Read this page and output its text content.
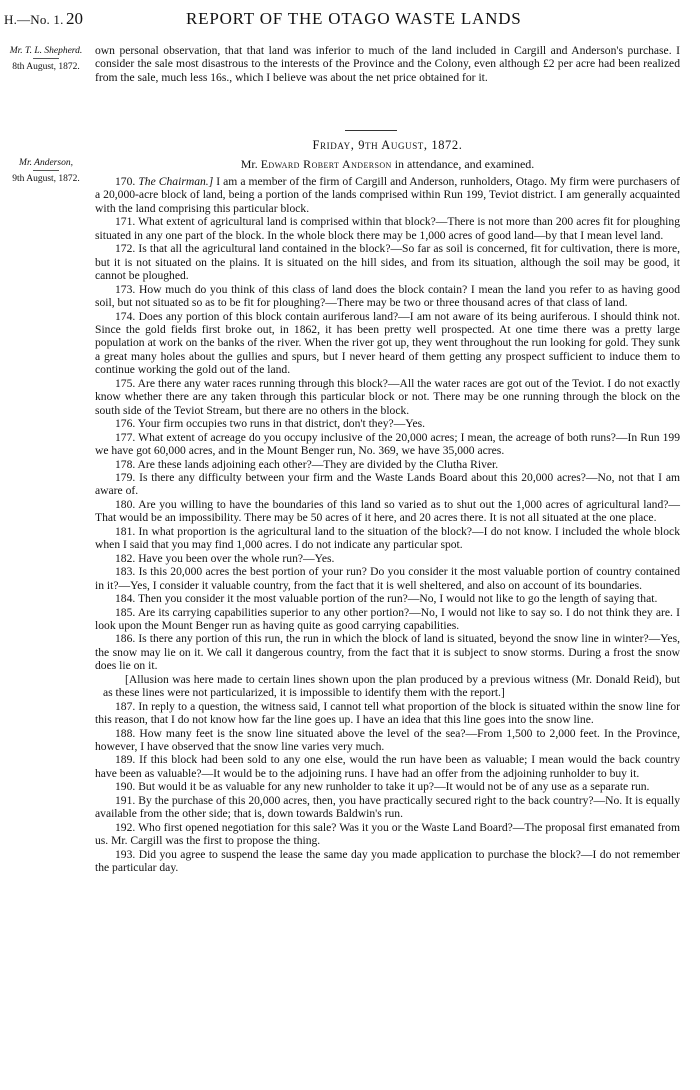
H.—No. 1. 20	REPORT OF THE OTAGO WASTE LANDS
Mr. T. L. Shepherd.
8th August, 1872.

own personal observation, that that land was inferior to much of the land included in Cargill and Anderson's purchase. I consider the sale most disastrous to the interests of the Province and the Colony, even although £2 per acre had been realized from the sale, much less 16s., which I believe was about the net price obtained for it.

Friday, 9th August, 1872.
Mr. Edward Robert Anderson in attendance, and examined.
Mr. Anderson,
9th August, 1872.	170. The Chairman.] I am a member of the firm of Cargill and Anderson, runholders, Otago. My firm were purchasers of a 20,000-acre block of land, being a portion of the lands comprised within Run 199, Teviot district. I am generally acquainted with the land comprising this particular block.

171. What extent of agricultural land is comprised within that block?—There is not more than 200 acres fit for ploughing situated in any one part of the block. In the whole block there may be 1,000 acres of good land—by that I mean level land.

172. Is that all the agricultural land contained in the block?—So far as soil is concerned, fit for cultivation, there is more, but it is not situated on the plains. It is situated on the hill sides, and from its situation, although the soil may be good, it cannot be ploughed.

173. How much do you think of this class of land does the block contain? I mean the land you refer to as having good soil, but not situated so as to be fit for ploughing?—There may be two or three thousand acres of that class of land.

174. Does any portion of this block contain auriferous land?—I am not aware of its being auriferous. I should think not. Since the gold fields first broke out, in 1862, it has been pretty well prospected. At one time there was a pretty large population at work on the banks of the river. When the river got up, they went throughout the run looking for gold. They sunk a great many holes about the gullies and spurs, but I never heard of them getting any prospect sufficient to induce them to continue working the gold out of the land.

175. Are there any water races running through this block?—All the water races are got out of the Teviot. I do not exactly know whether there are any taken through this particular block or not. There may be one running through the block on the south side of the Teviot Stream, but there are no others in the block.

176. Your firm occupies two runs in that district, don't they?—Yes.

177. What extent of acreage do you occupy inclusive of the 20,000 acres; I mean, the acreage of both runs?—In Run 199 we have got 60,000 acres, and in the Mount Benger run, No. 369, we have 35,000 acres.

178. Are these lands adjoining each other?—They are divided by the Clutha River.

179. Is there any difficulty between your firm and the Waste Lands Board about this 20,000 acres?—No, not that I am aware of.

180. Are you willing to have the boundaries of this land so varied as to shut out the 1,000 acres of agricultural land?—That would be an impossibility. There may be 50 acres of it here, and 20 acres there. It is not all situated at the one place.

181. In what proportion is the agricultural land to the situation of the block?—I do not know. I included the whole block when I said that you may find 1,000 acres. I do not indicate any particular spot.

182. Have you been over the whole run?—Yes.

183. Is this 20,000 acres the best portion of your run? Do you consider it the most valuable portion of country contained in it?—Yes, I consider it valuable country, from the fact that it is well sheltered, and also on account of its boundaries.

184. Then you consider it the most valuable portion of the run?—No, I would not like to go the length of saying that.

185. Are its carrying capabilities superior to any other portion?—No, I would not like to say so. I do not think they are. I look upon the Mount Benger run as having quite as good carrying capabilities.

186. Is there any portion of this run, the run in which the block of land is situated, beyond the snow line in winter?—Yes, the snow may lie on it. We call it dangerous country, from the fact that it is subject to snow storms. During a frost the snow does lie on it.

[Allusion was here made to certain lines shown upon the plan produced by a previous witness (Mr. Donald Reid), but as these lines were not particularized, it is impossible to identify them with the report.]

187. In reply to a question, the witness said, I cannot tell what proportion of the block is situated within the snow line for this reason, that I do not know how far the line goes up. I have an idea that this line goes into the snow line.

188. How many feet is the snow line situated above the level of the sea?—From 1,500 to 2,000 feet. In the Province, however, I have observed that the snow line varies very much.

189. If this block had been sold to any one else, would the run have been as valuable; I mean would the back country have been as valuable?—It would be to the adjoining runs. I have had an offer from the adjoining runholder to buy it.

190. But would it be as valuable for any new runholder to take it up?—It would not be of any use as a separate run.

191. By the purchase of this 20,000 acres, then, you have practically secured right to the back country?—No. It is equally available from the other side; that is, down towards Baldwin's run.

192. Who first opened negotiation for this sale? Was it you or the Waste Land Board?—The proposal first emanated from us. Mr. Cargill was the first to propose the thing.

193. Did you agree to suspend the lease the same day you made application to purchase the block?—I do not remember the particular day.
